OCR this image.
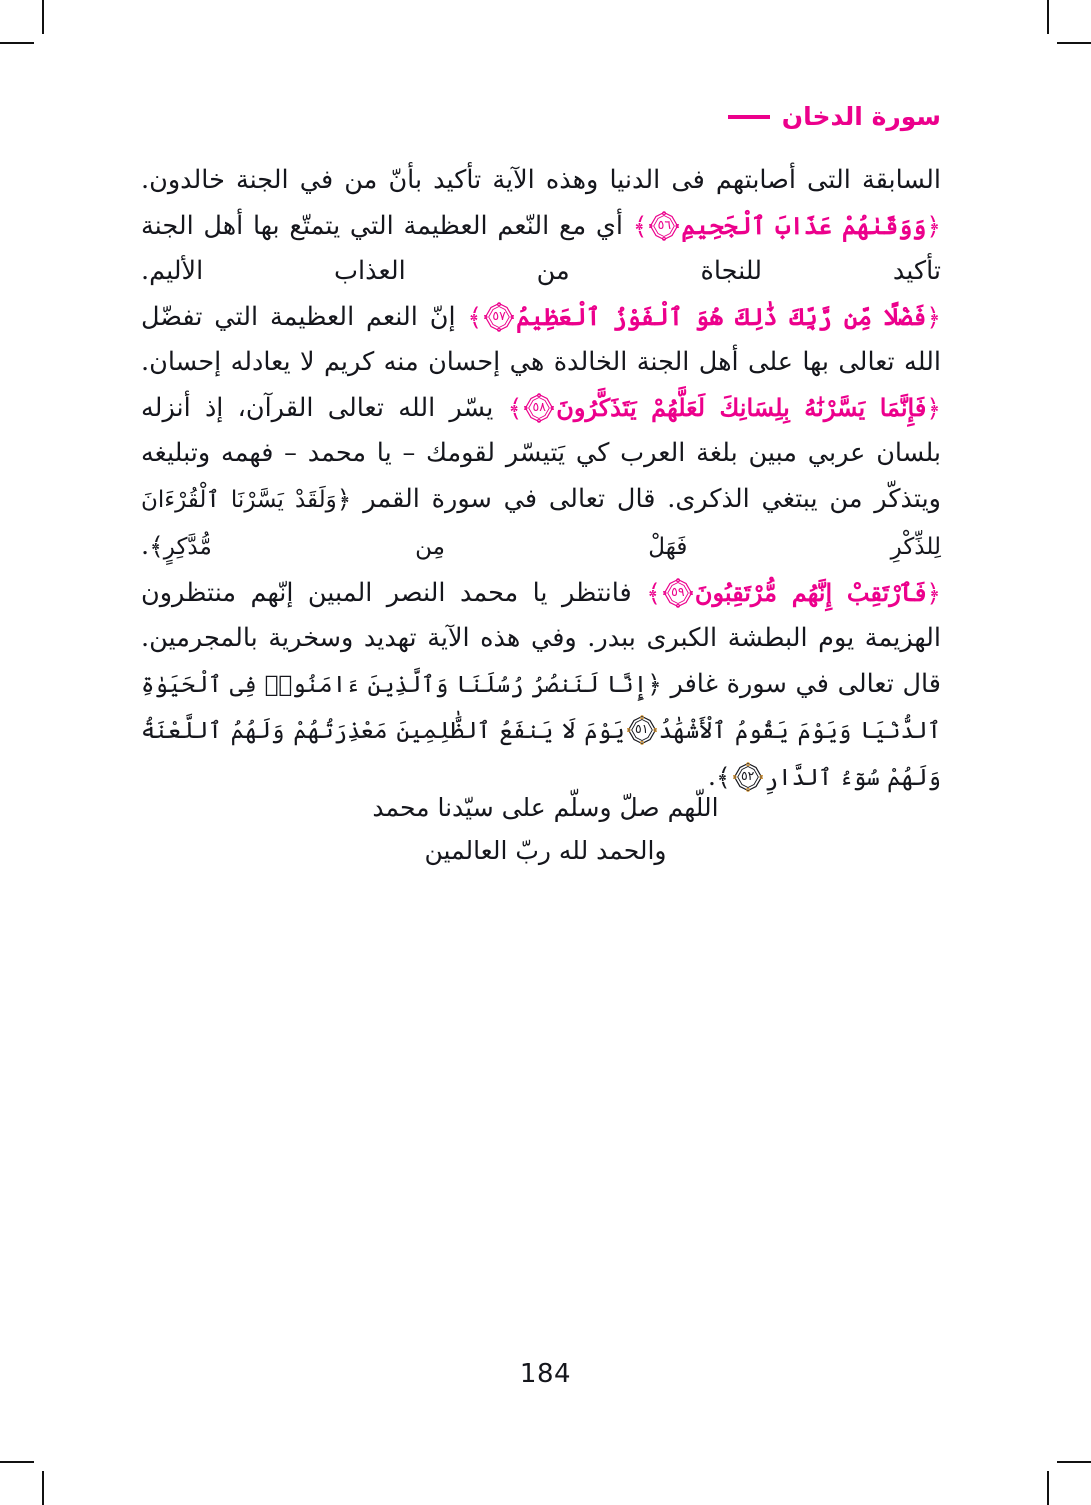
سورة الدخان

السابقة التى أصابتهم فى الدنيا وهذه الآية تأكيد بأنّ من في الجنة خالدون.

﴿وَوَقَىٰهُمْ عَذَابَ ٱلْجَحِيمِ
٥٦
﴾ أي مع النّعم العظيمة التي يتمتّع بها أهل الجنة تأكيد للنجاة من العذاب الأليم.

﴿فَضْلًا مِّن رَّبِّكَ ذَٰلِكَ هُوَ ٱلْفَوْزُ ٱلْعَظِيمُ
٥٧
﴾ إنّ النعم العظيمة التي تفضّل الله تعالى بها على أهل الجنة الخالدة هي إحسان منه كريم لا يعادله إحسان.

﴿فَإِنَّمَا يَسَّرْنَٰهُ بِلِسَانِكَ لَعَلَّهُمْ يَتَذَكَّرُونَ
٥٨
﴾ يسّر الله تعالى القرآن، إذ أنزله بلسان عربي مبين بلغة العرب كي يَتيسّر لقومك – يا محمد – فهمه وتبليغه ويتذكّر من يبتغي الذكرى. قال تعالى في سورة القمر ﴿وَلَقَدْ يَسَّرْنَا ٱلْقُرْءَانَ لِلذِّكْرِ فَهَلْ مِن مُّدَّكِرٍ﴾.

﴿فَٱرْتَقِبْ إِنَّهُم مُّرْتَقِبُونَ
٥٩
﴾ فانتظر يا محمد النصر المبين إنّهم منتظرون الهزيمة يوم البطشة الكبرى ببدر. وفي هذه الآية تهديد وسخرية بالمجرمين.

قال تعالى في سورة غافر ﴿إِنَّا لَنَنصُرُ رُسُلَنَا وَٱلَّذِينَ ءَامَنُوا۟ فِى ٱلْحَيَوٰةِ ٱلدُّنْيَا وَيَوْمَ يَقُومُ ٱلْأَشْهَٰدُ
٥١
يَوْمَ لَا يَنفَعُ ٱلظَّٰلِمِينَ مَعْذِرَتُهُمْ وَلَهُمُ ٱللَّعْنَةُ وَلَهُمْ سُوٓءُ ٱلدَّارِ
٥٢
﴾.

اللّهم صلّ وسلّم على سيّدنا محمد
والحمد لله ربّ العالمين
184
